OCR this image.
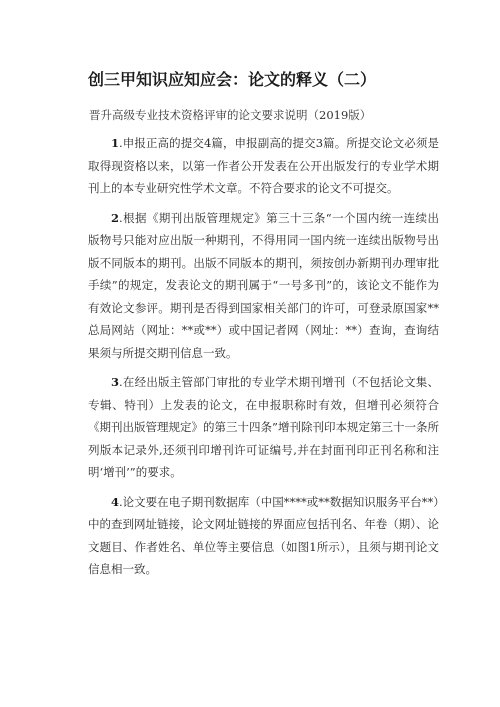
创三甲知识应知应会：论文的释义（二）
晋升高级专业技术资格评审的论文要求说明（2019版）

1.申报正高的提交4篇，申报副高的提交3篇。所提交论文必须是取得现资格以来，以第一作者公开发表在公开出版发行的专业学术期刊上的本专业研究性学术文章。不符合要求的论文不可提交。

2.根据《期刊出版管理规定》第三十三条“一个国内统一连续出版物号只能对应出版一种期刊，不得用同一国内统一连续出版物号出版不同版本的期刊。出版不同版本的期刊，须按创办新期刊办理审批手续”的规定，发表论文的期刊属于“一号多刊”的，该论文不能作为有效论文参评。期刊是否得到国家相关部门的许可，可登录原国家**总局网站（网址：**或**）或中国记者网（网址：**）查询，查询结果须与所提交期刊信息一致。

3.在经出版主管部门审批的专业学术期刊增刊（不包括论文集、专辑、特刊）上发表的论文，在申报职称时有效，但增刊必须符合《期刊出版管理规定》的第三十四条”增刊除刊印本规定第三十一条所列版本记录外,还须刊印增刊许可证编号,并在封面刊印正刊名称和注明‘增刊’”的要求。

4.论文要在电子期刊数据库（中国****或**数据知识服务平台**）中的查到网址链接，论文网址链接的界面应包括刊名、年卷（期）、论文题目、作者姓名、单位等主要信息（如图1所示），且须与期刊论文信息相一致。
